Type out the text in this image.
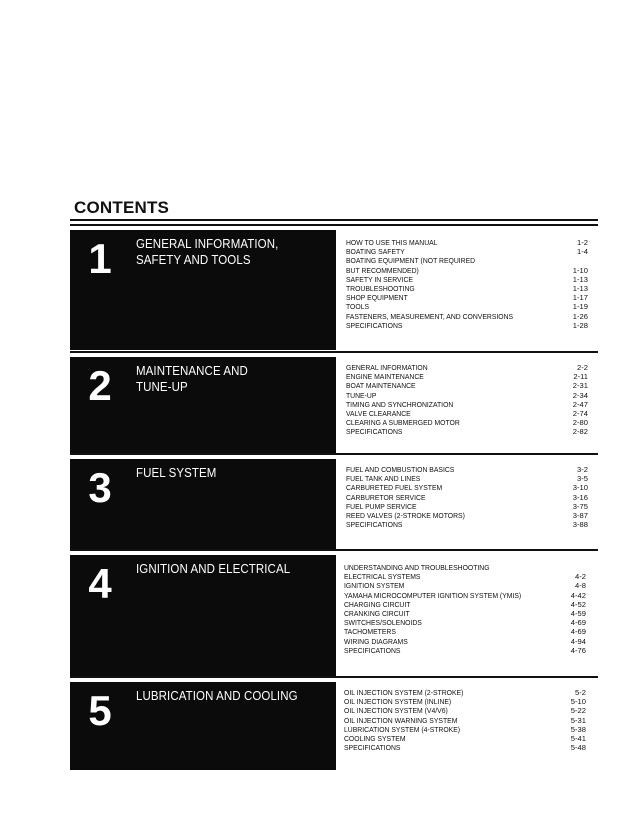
CONTENTS
1 GENERAL INFORMATION,
SAFETY AND TOOLS
HOW TO USE THIS MANUAL	1-2
BOATING SAFETY	1-4
BOATING EQUIPMENT (NOT REQUIRED
BUT RECOMMENDED)	1-10
SAFETY IN SERVICE	1-13
TROUBLESHOOTING	1-13
SHOP EQUIPMENT	1-17
TOOLS	1-19
FASTENERS, MEASUREMENT, AND CONVERSIONS	1-26
SPECIFICATIONS	1-28
2 MAINTENANCE AND
TUNE-UP
GENERAL INFORMATION	2-2
ENGINE MAINTENANCE	2-11
BOAT MAINTENANCE	2-31
TUNE-UP	2-34
TIMING AND SYNCHRONIZATION	2-47
VALVE CLEARANCE	2-74
CLEARING A SUBMERGED MOTOR	2-80
SPECIFICATIONS	2-82
3 FUEL SYSTEM	FUEL AND COMBUSTION BASICS	3-2
FUEL TANK AND LINES	3-5
CARBURETED FUEL SYSTEM	3-10
CARBURETOR SERVICE	3-16
FUEL PUMP SERVICE	3-75
REED VALVES (2-STROKE MOTORS)	3-87
SPECIFICATIONS	3-88
4 IGNITION AND ELECTRICAL	UNDERSTANDING AND TROUBLESHOOTING
ELECTRICAL SYSTEMS	4-2
IGNITION SYSTEM	4-8
YAMAHA MICROCOMPUTER IGNITION SYSTEM (YMIS)	4-42
CHARGING CIRCUIT	4-52
CRANKING CIRCUIT	4-59
SWITCHES/SOLENOIDS	4-69
TACHOMETERS	4-69
WIRING DIAGRAMS	4-94
SPECIFICATIONS	4-76
5 LUBRICATION AND COOLING	OIL INJECTION SYSTEM (2-STROKE)	5-2
OIL INJECTION SYSTEM (INLINE)	5-10
OIL INJECTION SYSTEM (V4/V6)	5-22
OIL INJECTION WARNING SYSTEM	5-31
LUBRICATION SYSTEM (4-STROKE)	5-38
COOLING SYSTEM	5-41
SPECIFICATIONS	5-48
